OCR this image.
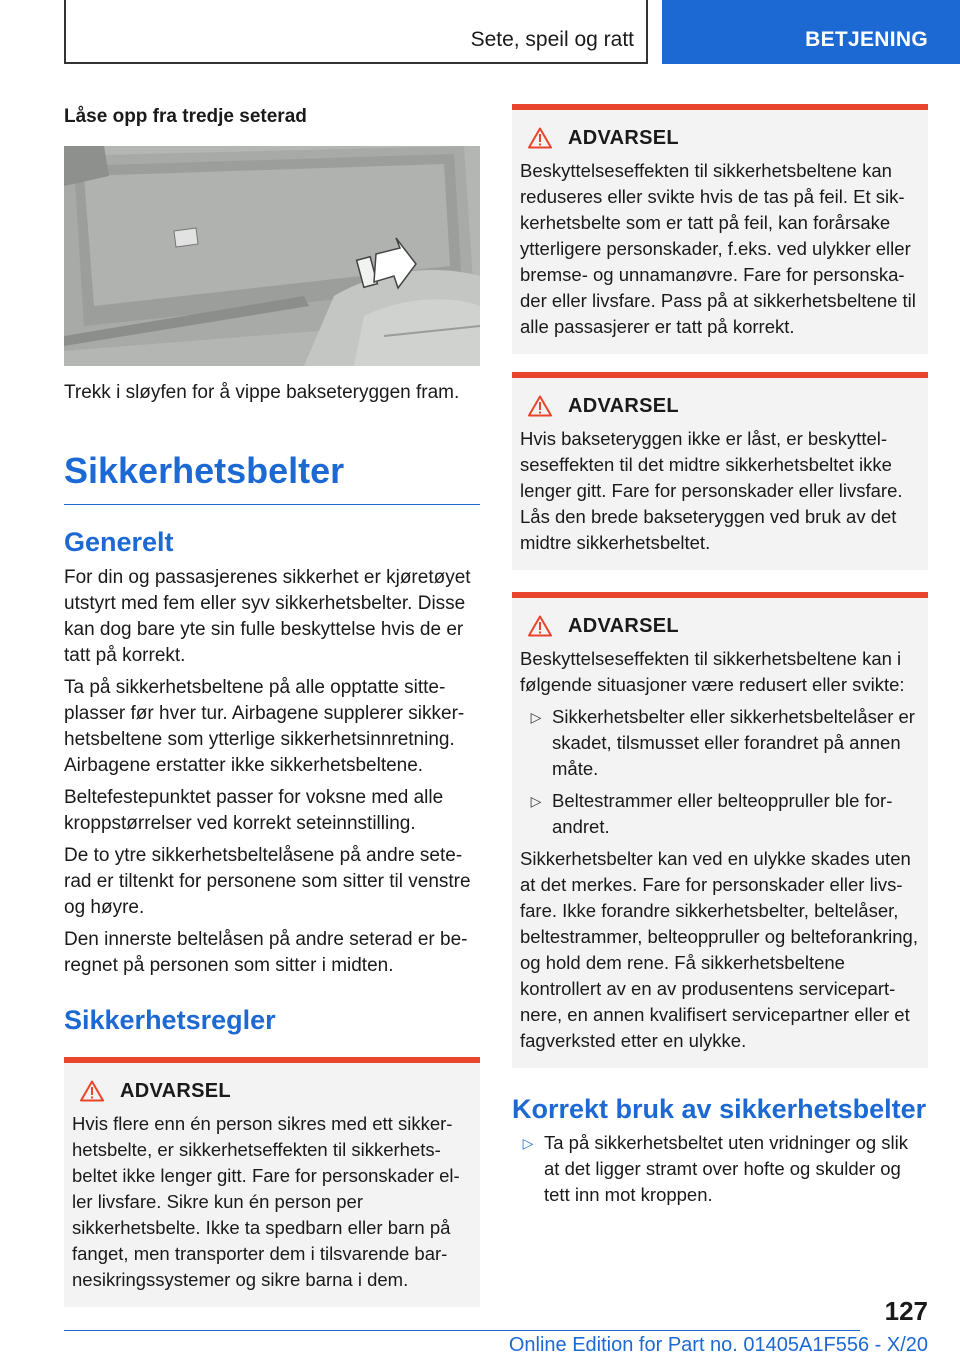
Sete, speil og ratt	BETJENING

Låse opp fra tredje seterad

Trekk i sløyfen for å vippe bakseteryggen fram.

Sikkerhetsbelter
Generelt

For din og passasjerenes sikkerhet er kjøretøyet utstyrt med fem eller syv sikkerhetsbelter. Disse kan dog bare yte sin fulle beskyttelse hvis de er tatt på korrekt.

Ta på sikkerhetsbeltene på alle opptatte sitteplasser før hver tur. Airbagene supplerer sikkerhetsbeltene som ytterlige sikkerhetsinnretning. Airbagene erstatter ikke sikkerhetsbeltene.

Beltefestepunktet passer for voksne med alle kroppstørrelser ved korrekt seteinnstilling.

De to ytre sikkerhetsbeltelåsene på andre seterad er tiltenkt for personene som sitter til venstre og høyre.

Den innerste beltelåsen på andre seterad er beregnet på personen som sitter i midten.

Sikkerhetsregler
ADVARSEL

Hvis flere enn én person sikres med ett sikkerhetsbelte, er sikkerhetseffekten til sikkerhetsbeltet ikke lenger gitt. Fare for personskader eller livsfare. Sikre kun én person per sikkerhetsbelte. Ikke ta spedbarn eller barn på fanget, men transporter dem i tilsvarende barnesikringssystemer og sikre barna i dem.

ADVARSEL

Beskyttelseseffekten til sikkerhetsbeltene kan reduseres eller svikte hvis de tas på feil. Et sikkerhetsbelte som er tatt på feil, kan forårsake ytterligere personskader, f.eks. ved ulykker eller bremse- og unnamanøvre. Fare for personskader eller livsfare. Pass på at sikkerhetsbeltene til alle passasjerer er tatt på korrekt.

ADVARSEL

Hvis bakseteryggen ikke er låst, er beskyttelseseffekten til det midtre sikkerhetsbeltet ikke lenger gitt. Fare for personskader eller livsfare. Lås den brede bakseteryggen ved bruk av det midtre sikkerhetsbeltet.

ADVARSEL

Beskyttelseseffekten til sikkerhetsbeltene kan i følgende situasjoner være redusert eller svikte:

▷ Sikkerhetsbelter eller sikkerhetsbeltelåser er skadet, tilsmusset eller forandret på annen måte.
▷ Beltestrammer eller belteoppruller ble forandret.

Sikkerhetsbelter kan ved en ulykke skades uten at det merkes. Fare for personskader eller livsfare. Ikke forandre sikkerhetsbelter, beltelåser, beltestrammer, belteoppruller og belteforankring, og hold dem rene. Få sikkerhetsbeltene kontrollert av en av produsentens servicepartnere, en annen kvalifisert servicepartner eller et fagverksted etter en ulykke.

Korrekt bruk av sikkerhetsbelter
▷ Ta på sikkerhetsbeltet uten vridninger og slik at det ligger stramt over hofte og skulder og tett inn mot kroppen.
127
Online Edition for Part no. 01405A1F556 - X/20
